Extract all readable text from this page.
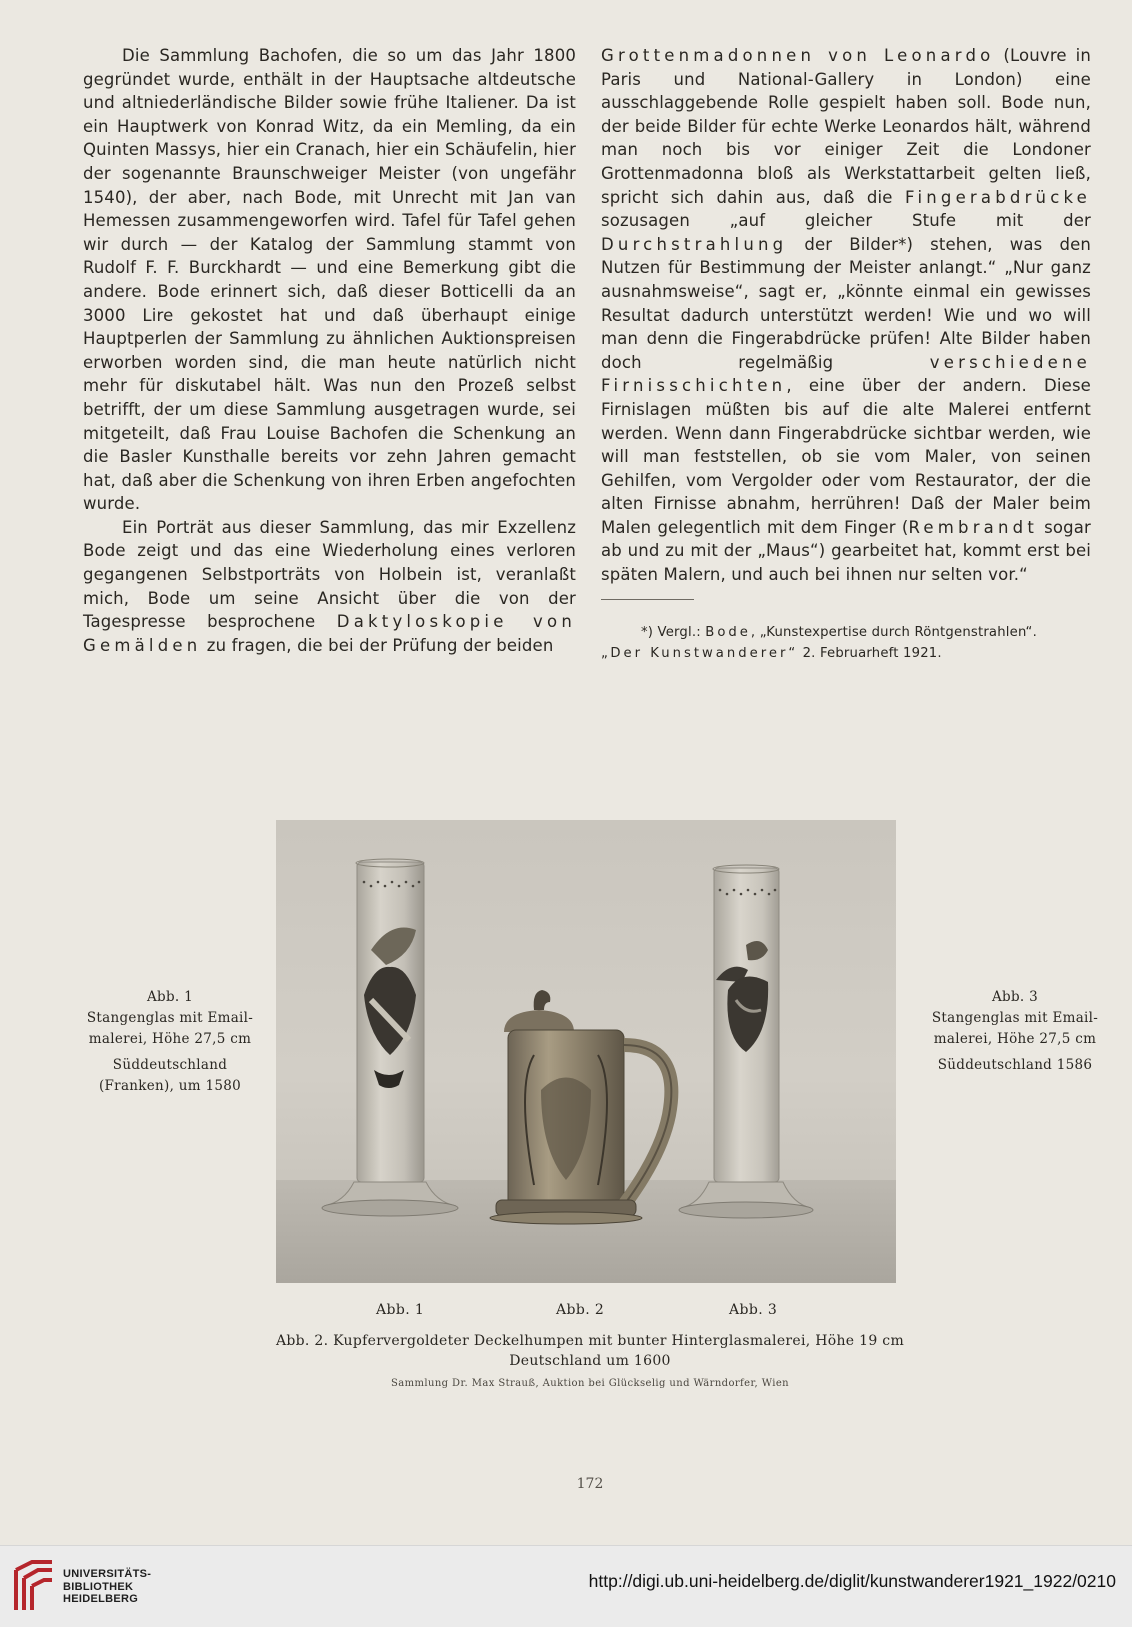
Die Sammlung Bachofen, die so um das Jahr 1800 gegründet wurde, enthält in der Hauptsache altdeutsche und altniederländische Bilder sowie frühe Italiener. Da ist ein Hauptwerk von Konrad Witz, da ein Memling, da ein Quinten Massys, hier ein Cranach, hier ein Schäufelin, hier der sogenannte Braunschweiger Meister (von ungefähr 1540), der aber, nach Bode, mit Unrecht mit Jan van Hemessen zusammengeworfen wird. Tafel für Tafel gehen wir durch — der Katalog der Sammlung stammt von Rudolf F. F. Burckhardt — und eine Bemerkung gibt die andere. Bode erinnert sich, daß dieser Botticelli da an 3000 Lire gekostet hat und daß überhaupt einige Hauptperlen der Sammlung zu ähnlichen Auktionspreisen erworben worden sind, die man heute natürlich nicht mehr für diskutabel hält. Was nun den Prozeß selbst betrifft, der um diese Sammlung ausgetragen wurde, sei mitgeteilt, daß Frau Louise Bachofen die Schenkung an die Basler Kunsthalle bereits vor zehn Jahren gemacht hat, daß aber die Schenkung von ihren Erben angefochten wurde.

Ein Porträt aus dieser Sammlung, das mir Exzellenz Bode zeigt und das eine Wiederholung eines verloren gegangenen Selbstporträts von Holbein ist, veranlaßt mich, Bode um seine Ansicht über die von der Tagespresse besprochene Daktyloskopie von Gemälden zu fragen, die bei der Prüfung der beiden

Grottenmadonnen von Leonardo (Louvre in Paris und National-Gallery in London) eine ausschlaggebende Rolle gespielt haben soll. Bode nun, der beide Bilder für echte Werke Leonardos hält, während man noch bis vor einiger Zeit die Londoner Grottenmadonna bloß als Werkstattarbeit gelten ließ, spricht sich dahin aus, daß die Fingerabdrücke sozusagen „auf gleicher Stufe mit der Durchstrahlung der Bilder*) stehen, was den Nutzen für Bestimmung der Meister anlangt.“ „Nur ganz ausnahmsweise“, sagt er, „könnte einmal ein gewisses Resultat dadurch unterstützt werden! Wie und wo will man denn die Fingerabdrücke prüfen! Alte Bilder haben doch regelmäßig verschiedene Firnisschichten, eine über der andern. Diese Firnislagen müßten bis auf die alte Malerei entfernt werden. Wenn dann Fingerabdrücke sichtbar werden, wie will man feststellen, ob sie vom Maler, von seinen Gehilfen, vom Vergolder oder vom Restaurator, der die alten Firnisse abnahm, herrühren! Daß der Maler beim Malen gelegentlich mit dem Finger (Rembrandt sogar ab und zu mit der „Maus“) gearbeitet hat, kommt erst bei späten Malern, und auch bei ihnen nur selten vor.“

*) Vergl.: Bode, „Kunstexpertise durch Röntgenstrahlen“.

„Der Kunstwanderer“ 2. Februarheft 1921.

Abb. 1

Stangenglas mit Email-

malerei, Höhe 27,5 cm

Süddeutschland

(Franken), um 1580

Abb. 3

Stangenglas mit Email-

malerei, Höhe 27,5 cm

Süddeutschland 1586

Abb. 1	Abb. 2	Abb. 3

Abb. 2. Kupfervergoldeter Deckelhumpen mit bunter Hinterglasmalerei, Höhe 19 cm

Deutschland um 1600

Sammlung Dr. Max Strauß, Auktion bei Glückselig und Wärndorfer, Wien
172
UNIVERSITÄTS-
BIBLIOTHEK
HEIDELBERG
http://digi.ub.uni-heidelberg.de/diglit/kunstwanderer1921_1922/0210
